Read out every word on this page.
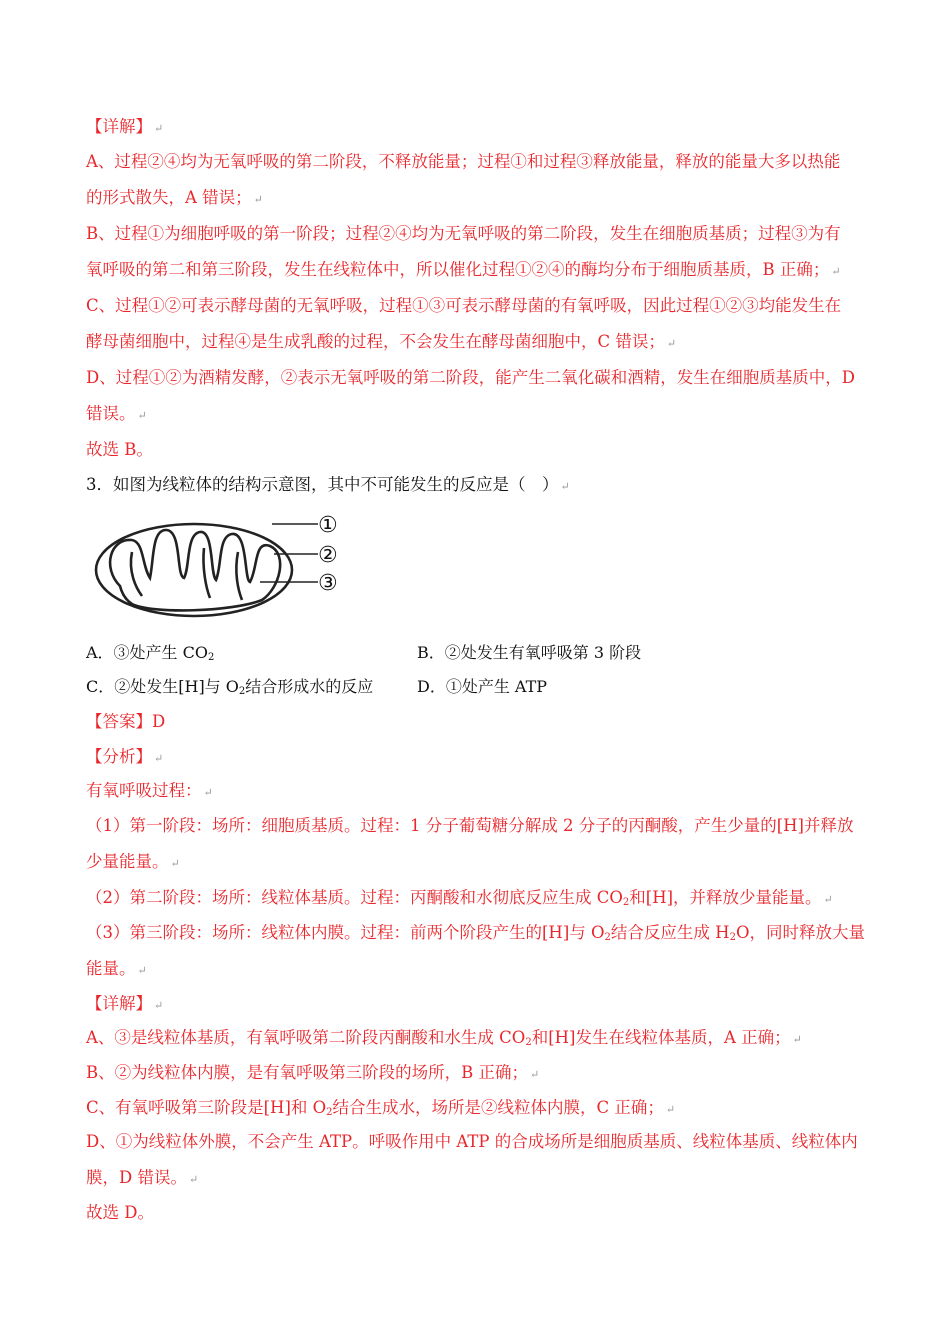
【详解】 ↵
A、过程②④均为无氧呼吸的第二阶段，不释放能量；过程①和过程③释放能量，释放的能量大多以热能
的形式散失，A 错误； ↵
B、过程①为细胞呼吸的第一阶段；过程②④均为无氧呼吸的第二阶段，发生在细胞质基质；过程③为有
氧呼吸的第二和第三阶段，发生在线粒体中，所以催化过程①②④的酶均分布于细胞质基质，B 正确； ↵
C、过程①②可表示酵母菌的无氧呼吸，过程①③可表示酵母菌的有氧呼吸，因此过程①②③均能发生在
酵母菌细胞中，过程④是生成乳酸的过程，不会发生在酵母菌细胞中，C 错误； ↵
D、过程①②为酒精发酵，②表示无氧呼吸的第二阶段，能产生二氧化碳和酒精，发生在细胞质基质中，D
错误。 ↵
故选 B。
3．如图为线粒体的结构示意图，其中不可能发生的反应是（　） ↵
①
②
③
A．③处产生 $CO_2$	B．②处发生有氧呼吸第 3 阶段
C．②处发生[H]与 $O_2$结合形成水的反应	D．①处产生 ATP
【答案】D
【分析】 ↵
有氧呼吸过程： ↵
（1）第一阶段：场所：细胞质基质。过程：1 分子葡萄糖分解成 2 分子的丙酮酸，产生少量的[H]并释放
少量能量。 ↵
（2）第二阶段：场所：线粒体基质。过程：丙酮酸和水彻底反应生成 $CO_2$和[H]，并释放少量能量。 ↵
（3）第三阶段：场所：线粒体内膜。过程：前两个阶段产生的[H]与 $O_2$结合反应生成 $H_2O$，同时释放大量
能量。 ↵
【详解】 ↵
A、③是线粒体基质，有氧呼吸第二阶段丙酮酸和水生成 $CO_2$和[H]发生在线粒体基质，A 正确； ↵
B、②为线粒体内膜，是有氧呼吸第三阶段的场所，B 正确； ↵
C、有氧呼吸第三阶段是[H]和 $O_2$结合生成水，场所是②线粒体内膜，C 正确； ↵
D、①为线粒体外膜，不会产生 ATP。呼吸作用中 ATP 的合成场所是细胞质基质、线粒体基质、线粒体内
膜，D 错误。 ↵
故选 D。
